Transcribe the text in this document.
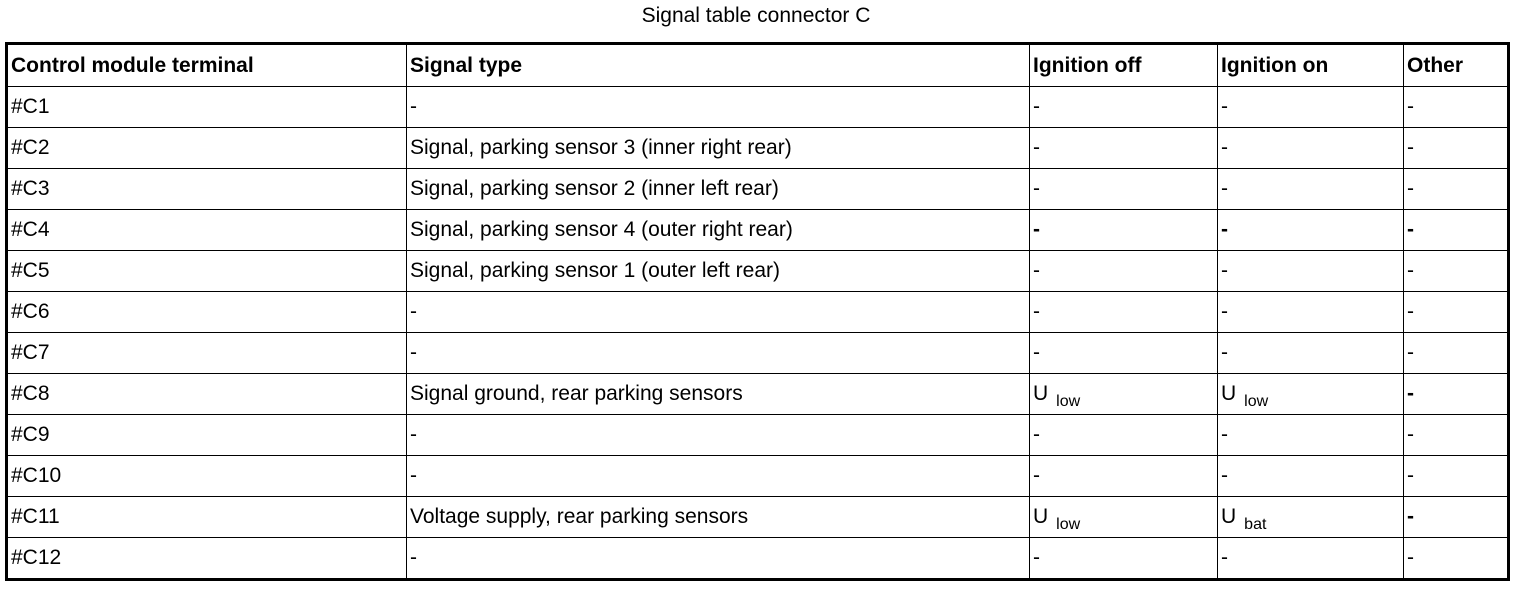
Signal table connector C
Control module terminal	Signal type	Ignition off	Ignition on	Other
#C1	-	-	-	-
#C2	Signal, parking sensor 3 (inner right rear)	-	-	-
#C3	Signal, parking sensor 2 (inner left rear)	-	-	-
#C4	Signal, parking sensor 4 (outer right rear)	-	-	-
#C5	Signal, parking sensor 1 (outer left rear)	-	-	-
#C6	-	-	-	-
#C7	-	-	-	-
#C8	Signal ground, rear parking sensors	U $_{low}$	U $_{low}$	-
#C9	-	-	-	-
#C10	-	-	-	-
#C11	Voltage supply, rear parking sensors	U $_{low}$	U $_{bat}$	-
#C12	-	-	-	-
